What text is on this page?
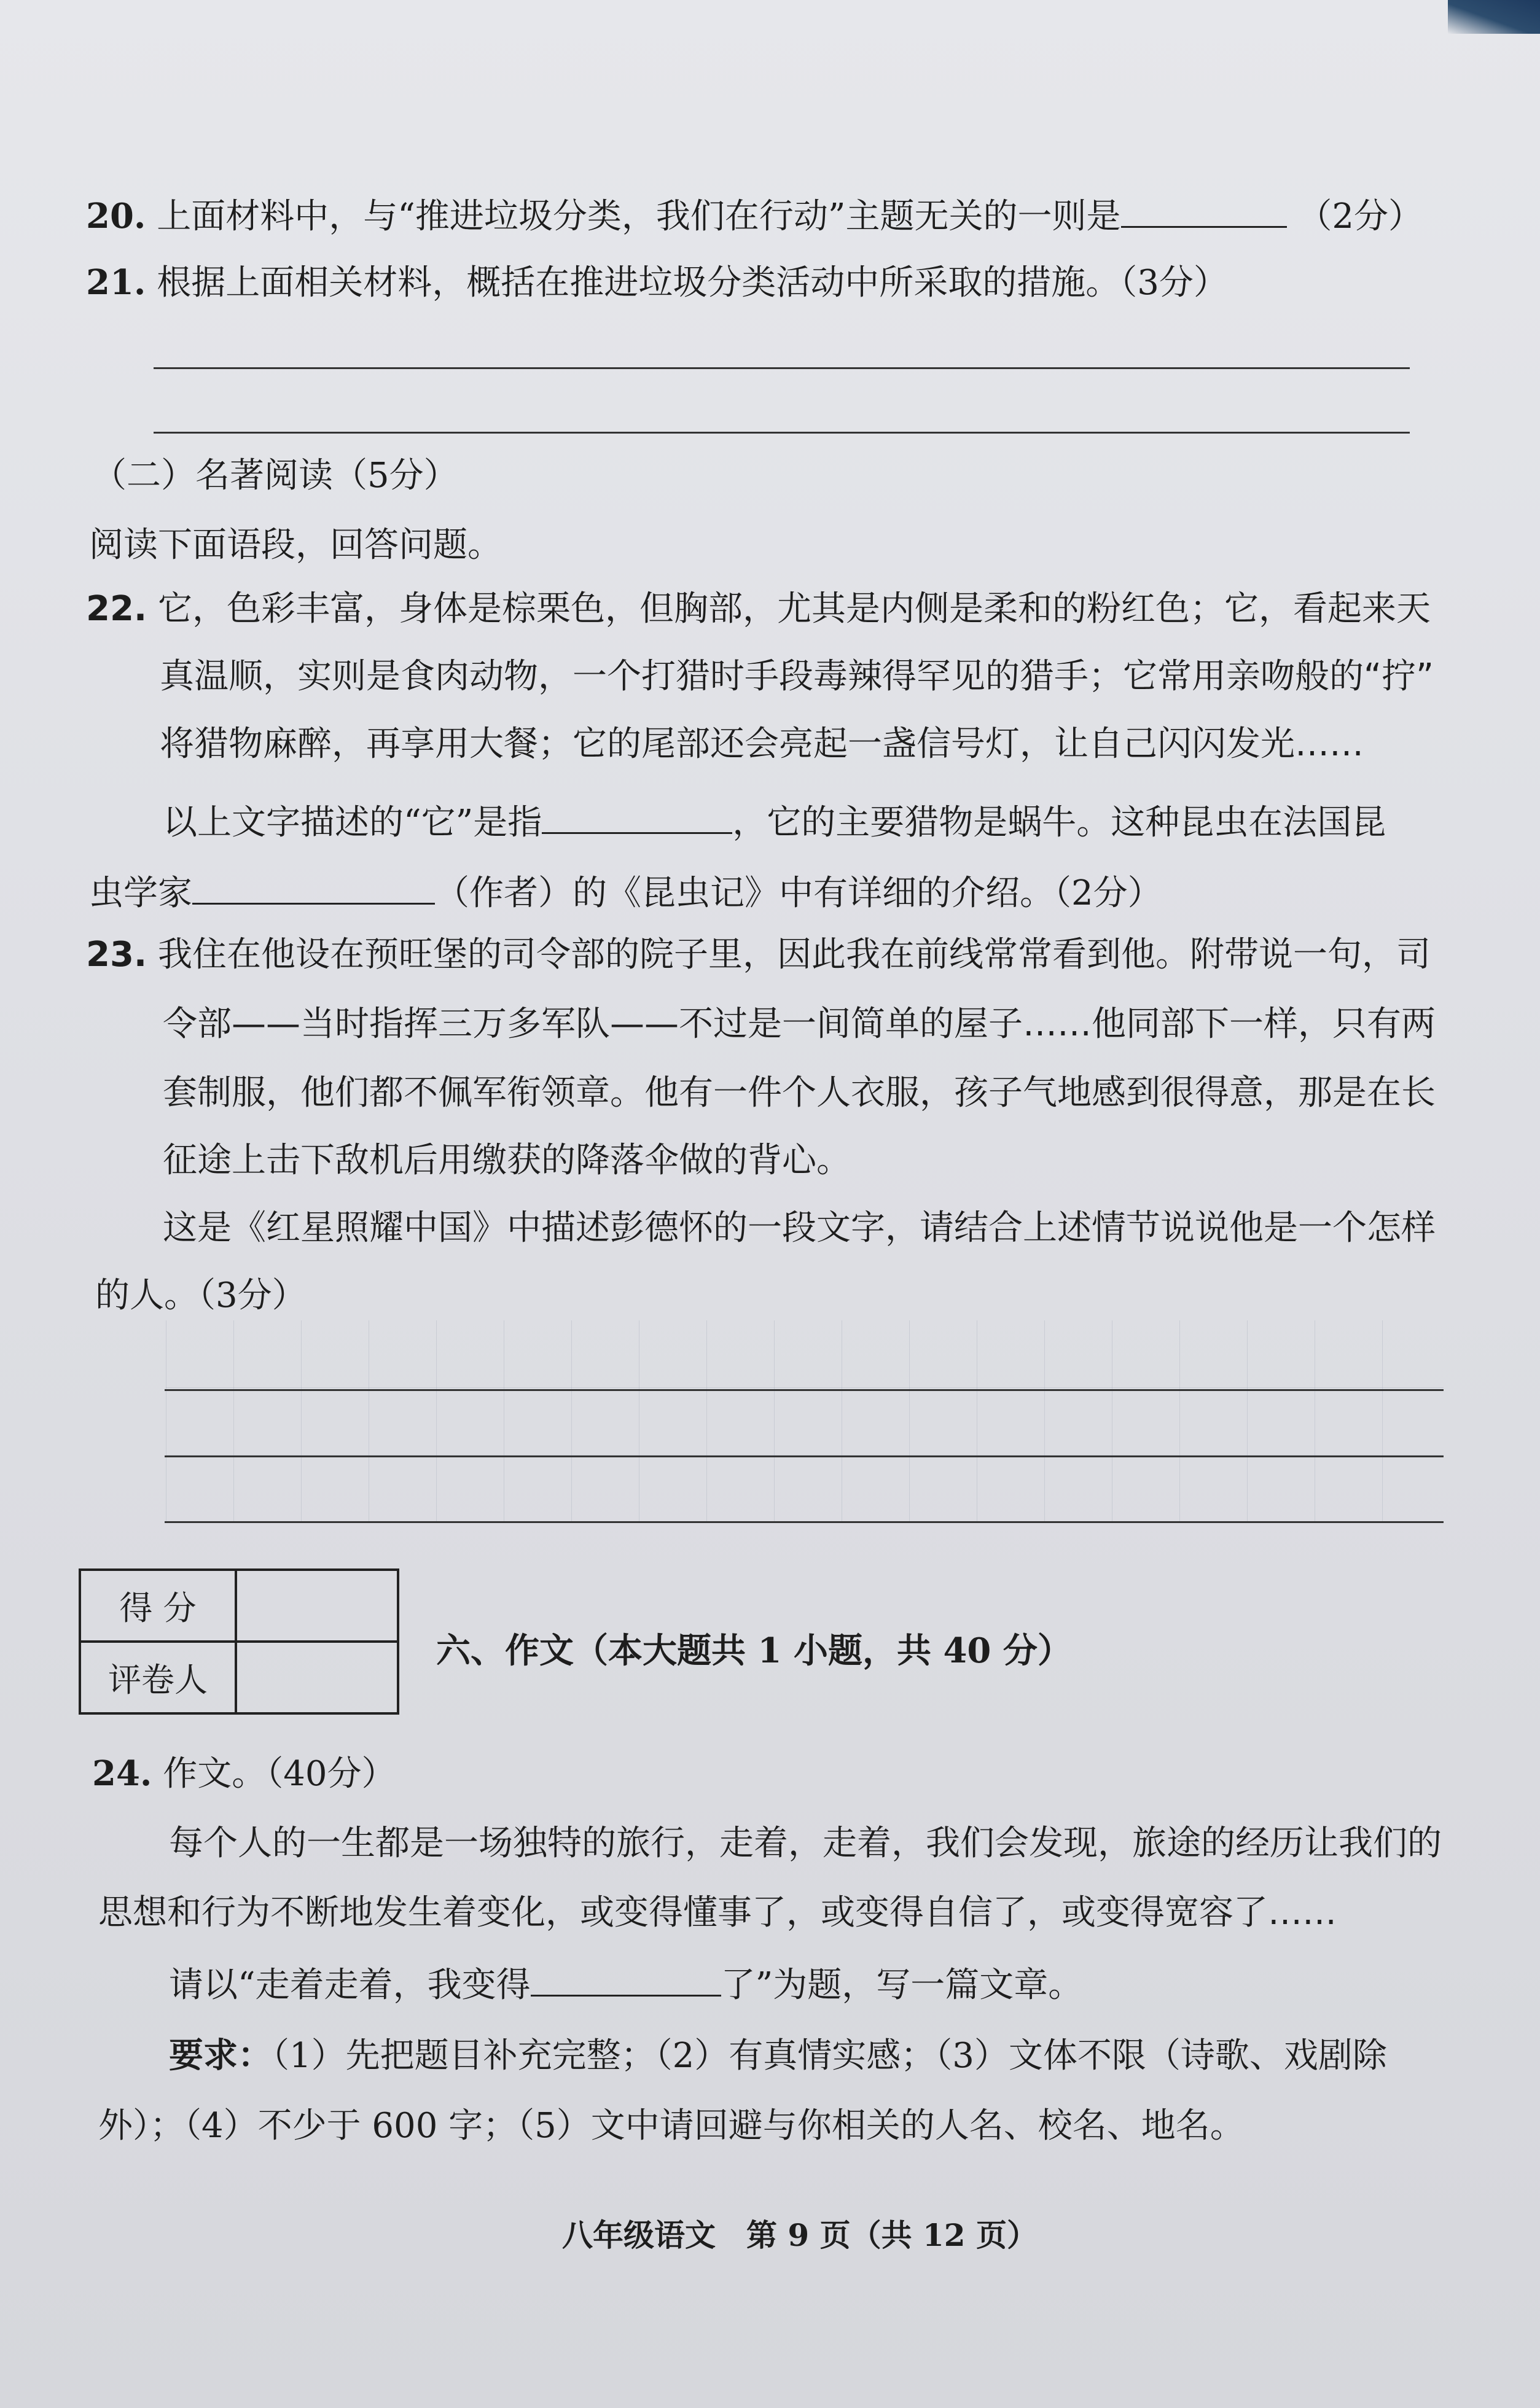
20. 上面材料中，与“推进垃圾分类，我们在行动”主题无关的一则是	（2分）
21. 根据上面相关材料，概括在推进垃圾分类活动中所采取的措施。（3分）
（二）名著阅读（5分）
阅读下面语段，回答问题。
22. 它，色彩丰富，身体是棕栗色，但胸部，尤其是内侧是柔和的粉红色；它，看起来天
真温顺，实则是食肉动物，一个打猎时手段毒辣得罕见的猎手；它常用亲吻般的“拧”
将猎物麻醉，再享用大餐；它的尾部还会亮起一盏信号灯，让自己闪闪发光……
以上文字描述的“它”是指	，它的主要猎物是蜗牛。这种昆虫在法国昆
虫学家	（作者）的《昆虫记》中有详细的介绍。（2分）
23. 我住在他设在预旺堡的司令部的院子里，因此我在前线常常看到他。附带说一句，司
令部——当时指挥三万多军队——不过是一间简单的屋子……他同部下一样，只有两
套制服，他们都不佩军衔领章。他有一件个人衣服，孩子气地感到很得意，那是在长
征途上击下敌机后用缴获的降落伞做的背心。
这是《红星照耀中国》中描述彭德怀的一段文字，请结合上述情节说说他是一个怎样
的人。（3分）
得 分	
评卷人	
六、作文（本大题共 1 小题，共 40 分）
24. 作文。（40分）
每个人的一生都是一场独特的旅行，走着，走着，我们会发现，旅途的经历让我们的
思想和行为不断地发生着变化，或变得懂事了，或变得自信了，或变得宽容了……
请以“走着走着，我变得	了”为题，写一篇文章。
要求：（1）先把题目补充完整；（2）有真情实感；（3）文体不限（诗歌、戏剧除
外）；（4）不少于 600 字；（5）文中请回避与你相关的人名、校名、地名。
八年级语文　第 9 页（共 12 页）
